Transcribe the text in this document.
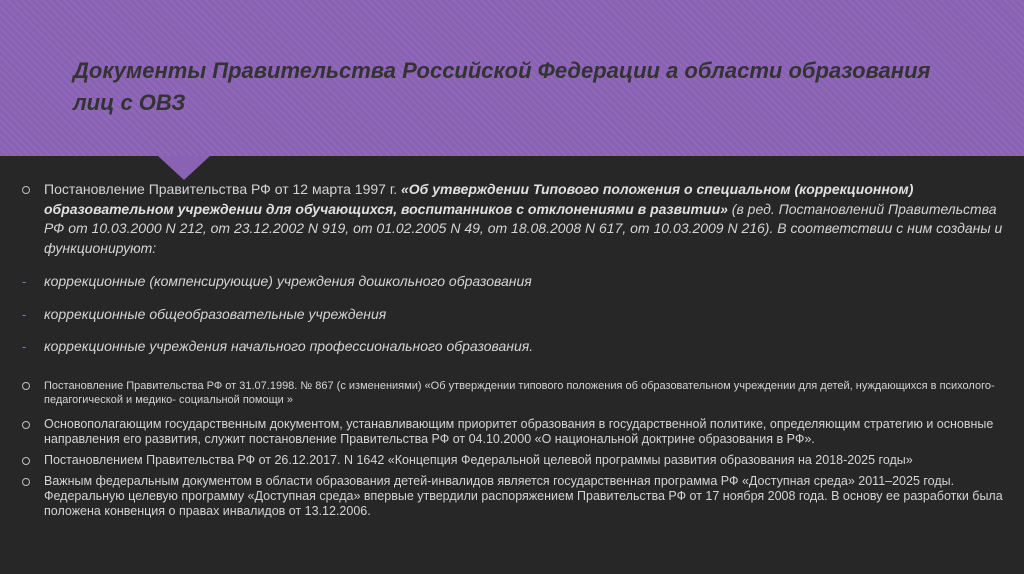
Документы Правительства Российской Федерации а области образования лиц с ОВЗ
Постановление Правительства РФ от 12 марта 1997 г. «Об утверждении Типового положения о специальном (коррекционном) образовательном учреждении для обучающихся, воспитанников с отклонениями в развитии» (в ред. Постановлений Правительства РФ от 10.03.2000 N 212, от 23.12.2002 N 919, от 01.02.2005 N 49, от 18.08.2008 N 617, от 10.03.2009 N 216). В соответствии с ним созданы и функционируют:
- коррекционные (компенсирующие) учреждения дошкольного образования
- коррекционные общеобразовательные учреждения
- коррекционные учреждения начального профессионального образования.
Постановление Правительства РФ от 31.07.1998. № 867 (с изменениями) «Об утверждении типового положения об образовательном учреждении для детей, нуждающихся в психолого-педагогической и медико- социальной помощи »
Основополагающим государственным документом, устанавливающим приоритет образования в государственной политике, определяющим стратегию и основные направления его развития, служит постановление Правительства РФ от 04.10.2000 «О национальной доктрине образования в РФ».
Постановлением Правительства РФ от 26.12.2017. N 1642 «Концепция Федеральной целевой программы развития образования на 2018-2025 годы»
Важным федеральным документом в области образования детей-инвалидов является государственная программа РФ «Доступная среда» 2011–2025 годы. Федеральную целевую программу «Доступная среда» впервые утвердили распоряжением Правительства РФ от 17 ноября 2008 года. В основу ее разработки была положена конвенция о правах инвалидов от 13.12.2006.
